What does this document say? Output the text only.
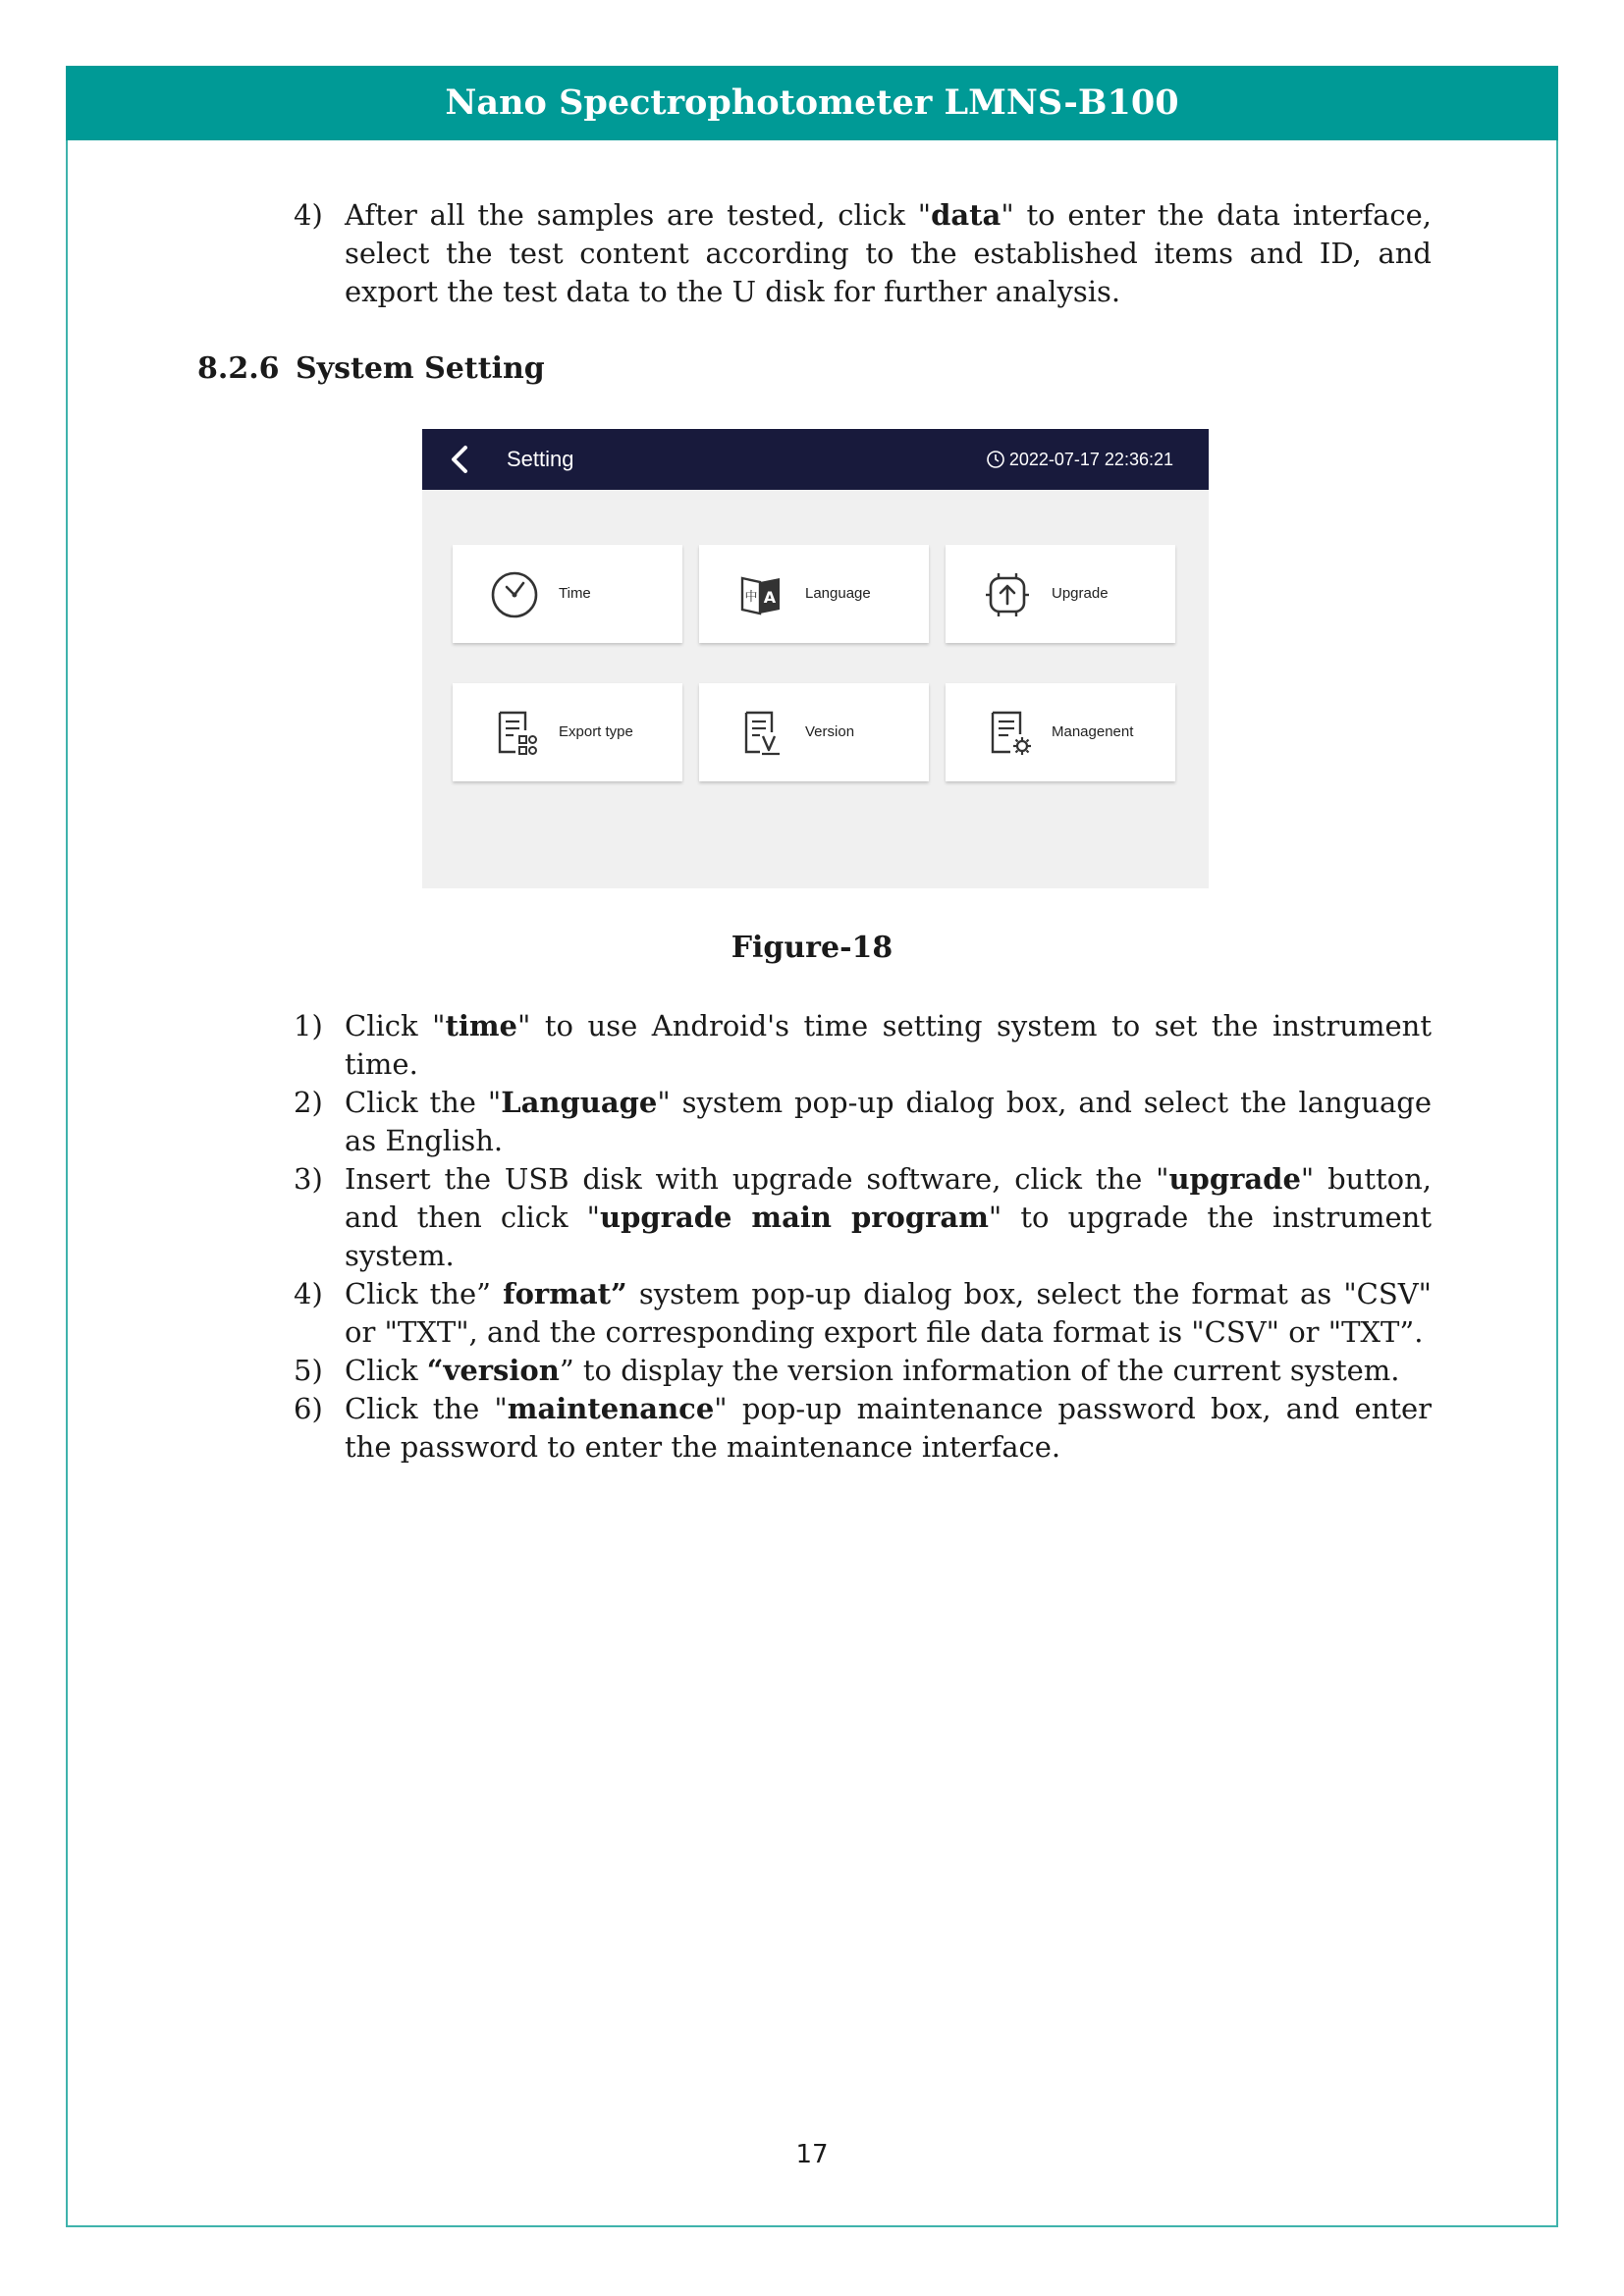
Nano Spectrophotometer LMNS-B100
4) After all the samples are tested, click "data" to enter the data interface, select the test content according to the established items and ID, and export the test data to the U disk for further analysis.
8.2.6 System Setting
Setting	2022-07-17 22:36:21
Time	中 A Language	Upgrade
Export type	Version	Managenent
Figure-18
1) Click "time" to use Android's time setting system to set the instrument time.
2) Click the "Language" system pop-up dialog box, and select the language as English.
3) Insert the USB disk with upgrade software, click the "upgrade" button, and then click "upgrade main program" to upgrade the instrument system.
4) Click the” format” system pop-up dialog box, select the format as "CSV" or "TXT", and the corresponding export file data format is "CSV" or "TXT”.
5) Click “version” to display the version information of the current system.
6) Click the "maintenance" pop-up maintenance password box, and enter the password to enter the maintenance interface.
17
